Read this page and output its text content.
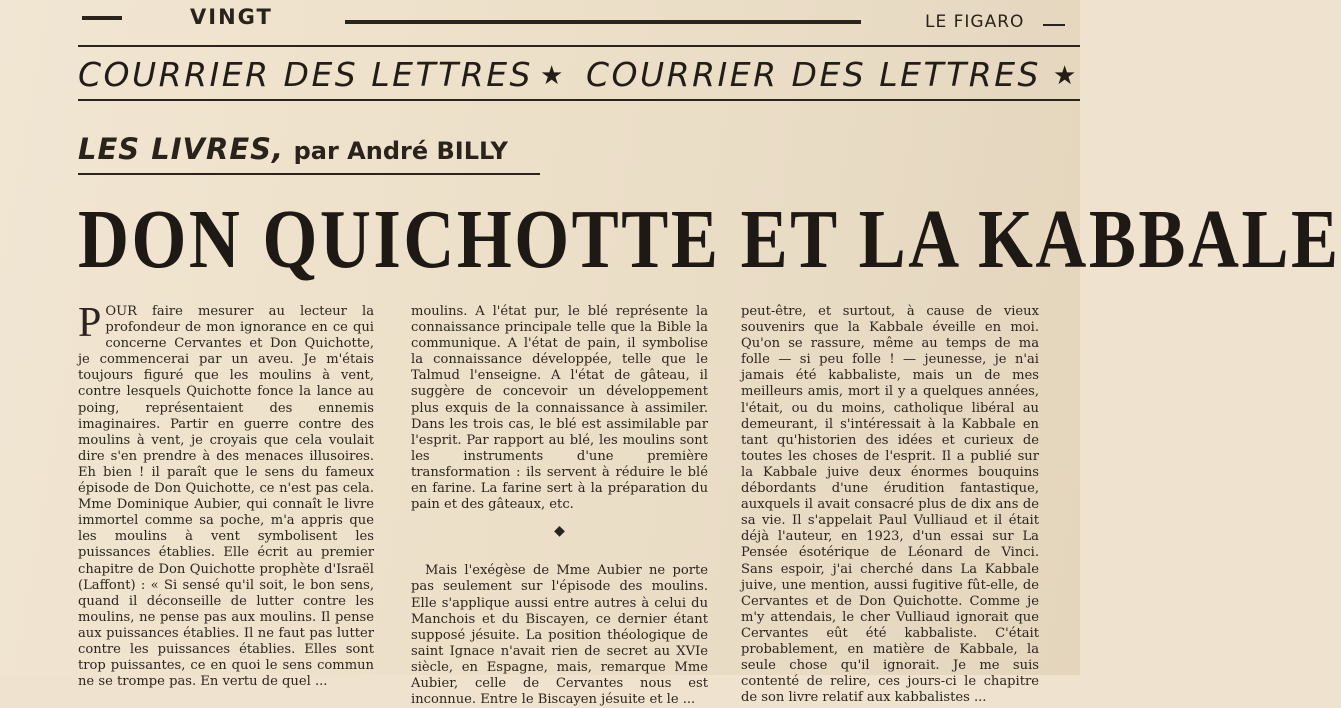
VINGT	LE FIGARO
COURRIER DES LETTRES ★ COURRIER DES LETTRES ★
LES LIVRES, par André BILLY
DON QUICHOTTE ET LA KABBALE

POUR faire mesurer au lecteur la profondeur de mon ignorance en ce qui concerne Cervantes et Don Quichotte, je commencerai par un aveu. Je m'étais toujours figuré que les moulins à vent, contre lesquels Quichotte fonce la lance au poing, représentaient des ennemis imaginaires. Partir en guerre contre des moulins à vent, je croyais que cela voulait dire s'en prendre à des menaces illusoires. Eh bien ! il paraît que le sens du fameux épisode de Don Quichotte, ce n'est pas cela. Mme Dominique Aubier, qui connaît le livre immortel comme sa poche, m'a appris que les moulins à vent symbolisent les puissances établies. Elle écrit au premier chapitre de Don Quichotte prophète d'Israël (Laffont) : « Si sensé qu'il soit, le bon sens, quand il déconseille de lutter contre les moulins, ne pense pas aux moulins. Il pense aux puissances établies. Il ne faut pas lutter contre les puissances établies. Elles sont trop puissantes, ce en quoi le sens commun ne se trompe pas. En vertu de quel ...

moulins. A l'état pur, le blé représente la connaissance principale telle que la Bible la communique. A l'état de pain, il symbolise la connaissance développée, telle que le Talmud l'enseigne. A l'état de gâteau, il suggère de concevoir un développement plus exquis de la connaissance à assimiler. Dans les trois cas, le blé est assimilable par l'esprit. Par rapport au blé, les moulins sont les instruments d'une première transformation : ils servent à réduire le blé en farine. La farine sert à la préparation du pain et des gâteaux, etc.

◆

Mais l'exégèse de Mme Aubier ne porte pas seulement sur l'épisode des moulins. Elle s'applique aussi entre autres à celui du Manchois et du Biscayen, ce dernier étant supposé jésuite. La position théologique de saint Ignace n'avait rien de secret au XVIe siècle, en Espagne, mais, remarque Mme Aubier, celle de Cervantes nous est inconnue. Entre le Biscayen jésuite et le ...

peut-être, et surtout, à cause de vieux souvenirs que la Kabbale éveille en moi. Qu'on se rassure, même au temps de ma folle — si peu folle ! — jeunesse, je n'ai jamais été kabbaliste, mais un de mes meilleurs amis, mort il y a quelques années, l'était, ou du moins, catholique libéral au demeurant, il s'intéressait à la Kabbale en tant qu'historien des idées et curieux de toutes les choses de l'esprit. Il a publié sur la Kabbale juive deux énormes bouquins débordants d'une érudition fantastique, auxquels il avait consacré plus de dix ans de sa vie. Il s'appelait Paul Vulliaud et il était déjà l'auteur, en 1923, d'un essai sur La Pensée ésotérique de Léonard de Vinci. Sans espoir, j'ai cherché dans La Kabbale juive, une mention, aussi fugitive fût-elle, de Cervantes et de Don Quichotte. Comme je m'y attendais, le cher Vulliaud ignorait que Cervantes eût été kabbaliste. C'était probablement, en matière de Kabbale, la seule chose qu'il ignorait. Je me suis contenté de relire, ces jours-ci le chapitre de son livre relatif aux kabbalistes ...
